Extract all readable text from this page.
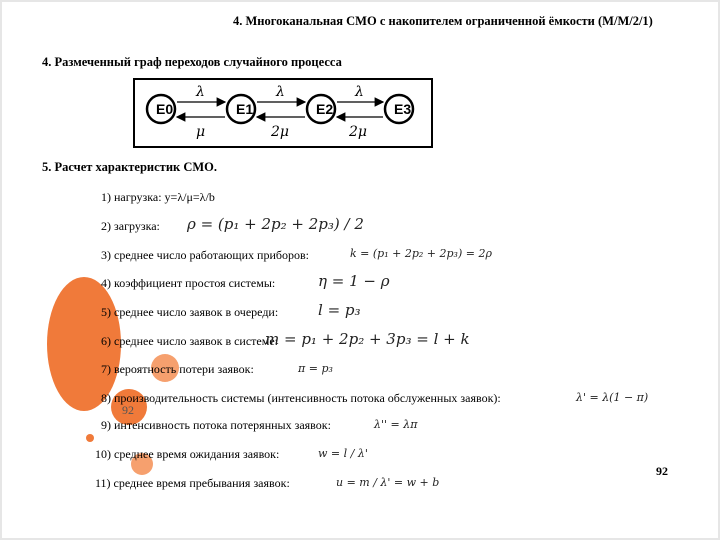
4. Многоканальная СМО с накопителем ограниченной ёмкости (М/М/2/1)
4. Размеченный граф переходов случайного процесса
E0	E1	E2	E3
λ	λ	λ
μ	2μ	2μ
5. Расчет характеристик СМО.
1) нагрузка: y=λ/μ=λ/b
2) загрузка: ρ = (p₁ + 2p₂ + 2p₃) / 2
3) среднее число работающих приборов:	k = (p₁ + 2p₂ + 2p₃) = 2ρ
4) коэффициент простоя системы:	η = 1 − ρ
5) среднее число заявок в очереди:	l = p₃
6) среднее число заявок в системе:
m = p₁ + 2p₂ + 3p₃ = l + k
7) вероятность потери заявок:	π = p₃
8) производительность системы (интенсивность потока обслуженных заявок):	λ' = λ(1 − π)
92
9) интенсивность потока потерянных заявок:	λ'' = λπ
10) среднее время ожидания заявок:	w = l / λ'
11) среднее время пребывания заявок:	u = m / λ' = w + b
92
